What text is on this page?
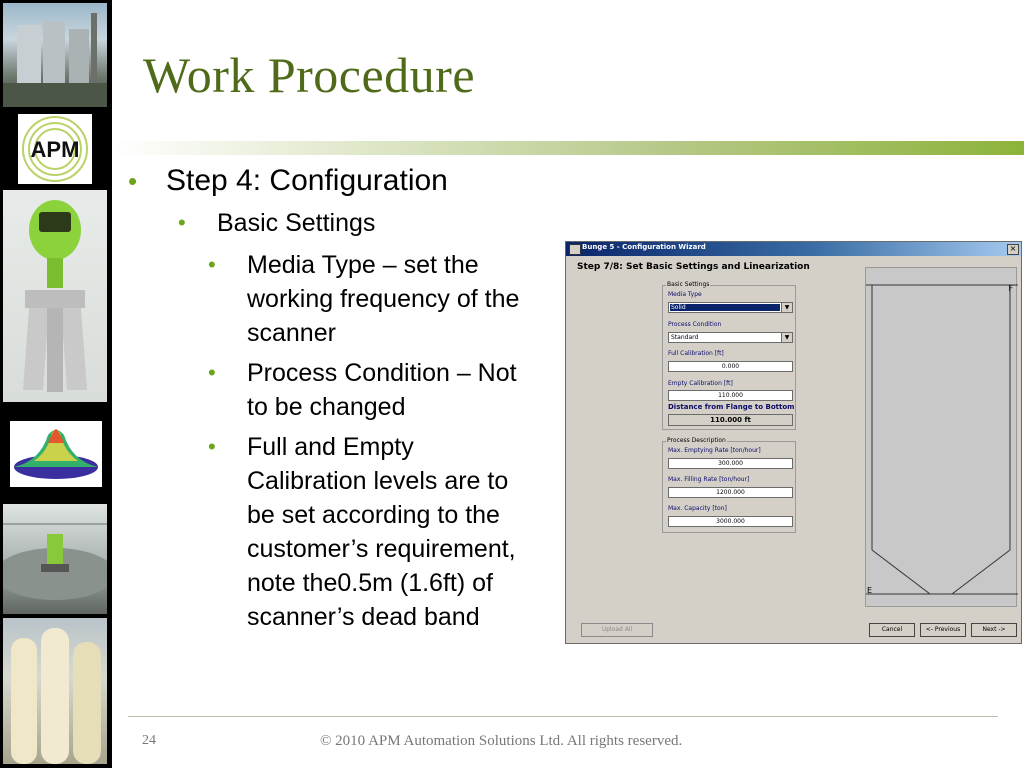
APM
Work Procedure
• Step 4: Configuration
• Basic Settings
• Media Type – set the
working frequency of the
scanner
• Process Condition – Not
to be changed
• Full and Empty
Calibration levels are to
be set according to the
customer’s requirement,
note the0.5m (1.6ft) of
scanner’s dead band
Bunge 5 - Configuration Wizard	×
Step 7/8: Set Basic Settings and Linearization
Basic Settings
Media Type
Solid	▼
Process Condition
Standard	▼
Full Calibration [ft]
0.000
Empty Calibration [ft]
110.000
Distance from Flange to Bottom
110.000 ft
Process Description
Max. Emptying Rate [ton/hour]
300.000
Max. Filling Rate [ton/hour]
1200.000
Max. Capacity [ton]
3000.000
F
E
Upload All	Cancel	<- Previous	Next ->
24	© 2010 APM Automation Solutions Ltd. All rights reserved.
